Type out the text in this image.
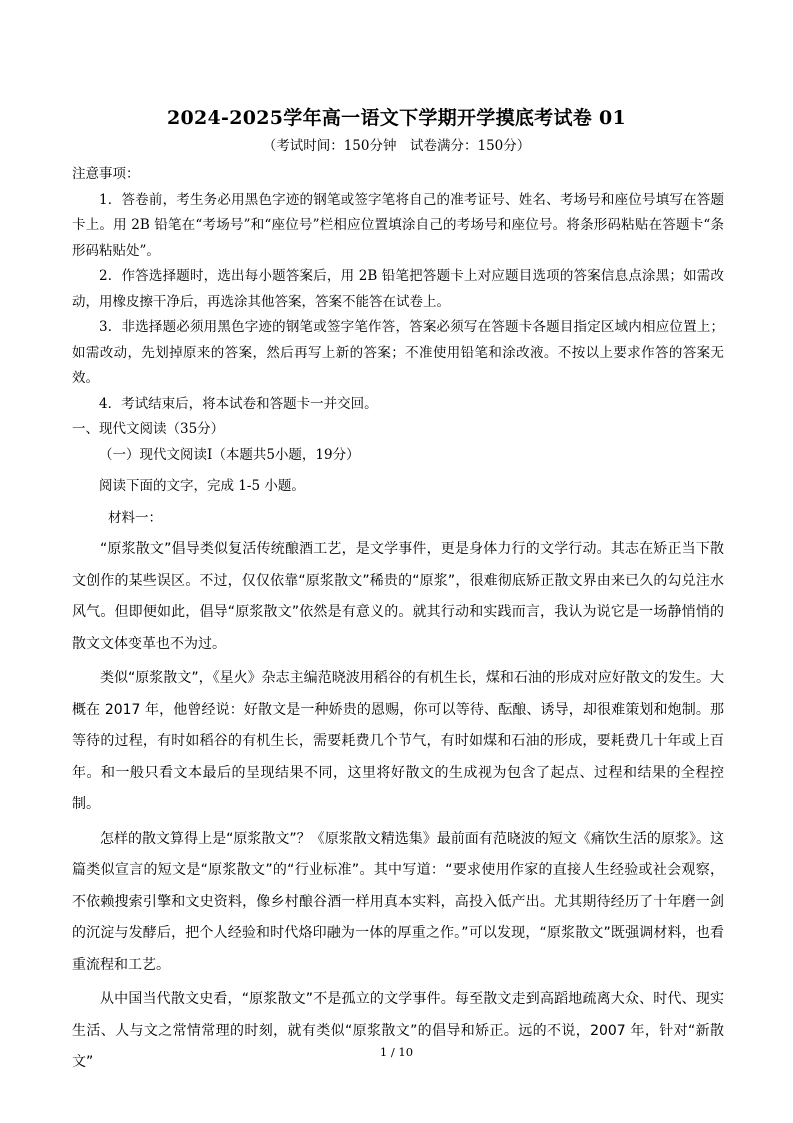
2024-2025学年高一语文下学期开学摸底考试卷 01
（考试时间：150分钟　试卷满分：150分）

注意事项：

1．答卷前，考生务必用黑色字迹的钢笔或签字笔将自己的准考证号、姓名、考场号和座位号填写在答题卡上。用 2B 铅笔在“考场号”和“座位号”栏相应位置填涂自己的考场号和座位号。将条形码粘贴在答题卡“条形码粘贴处”。

2．作答选择题时，选出每小题答案后，用 2B 铅笔把答题卡上对应题目选项的答案信息点涂黑；如需改动，用橡皮擦干净后，再选涂其他答案，答案不能答在试卷上。

3．非选择题必须用黑色字迹的钢笔或签字笔作答，答案必须写在答题卡各题目指定区域内相应位置上；如需改动，先划掉原来的答案，然后再写上新的答案；不准使用铅笔和涂改液。不按以上要求作答的答案无效。

4．考试结束后，将本试卷和答题卡一并交回。

一、现代文阅读（35分）

（一）现代文阅读Ⅰ（本题共5小题，19分）

阅读下面的文字，完成 1-5 小题。

材料一：

“原浆散文”倡导类似复活传统酿酒工艺，是文学事件，更是身体力行的文学行动。其志在矫正当下散文创作的某些误区。不过，仅仅依靠“原浆散文”稀贵的“原浆”，很难彻底矫正散文界由来已久的勾兑注水风气。但即便如此，倡导“原浆散文”依然是有意义的。就其行动和实践而言，我认为说它是一场静悄悄的散文文体变革也不为过。

类似“原浆散文”，《星火》杂志主编范晓波用稻谷的有机生长，煤和石油的形成对应好散文的发生。大概在 2017 年，他曾经说：好散文是一种娇贵的恩赐，你可以等待、酝酿、诱导，却很难策划和炮制。那等待的过程，有时如稻谷的有机生长，需要耗费几个节气，有时如煤和石油的形成，要耗费几十年或上百年。和一般只看文本最后的呈现结果不同，这里将好散文的生成视为包含了起点、过程和结果的全程控制。

怎样的散文算得上是“原浆散文”？《原浆散文精选集》最前面有范晓波的短文《痛饮生活的原浆》。这篇类似宣言的短文是“原浆散文”的“行业标准”。其中写道：“要求使用作家的直接人生经验或社会观察，不依赖搜索引擎和文史资料，像乡村酿谷酒一样用真本实料，高投入低产出。尤其期待经历了十年磨一剑的沉淀与发酵后，把个人经验和时代烙印融为一体的厚重之作。”可以发现，“原浆散文”既强调材料，也看重流程和工艺。

从中国当代散文史看，“原浆散文”不是孤立的文学事件。每至散文走到高蹈地疏离大众、时代、现实生活、人与文之常情常理的时刻，就有类似“原浆散文”的倡导和矫正。远的不说，2007 年，针对“新散文”

1 / 10
